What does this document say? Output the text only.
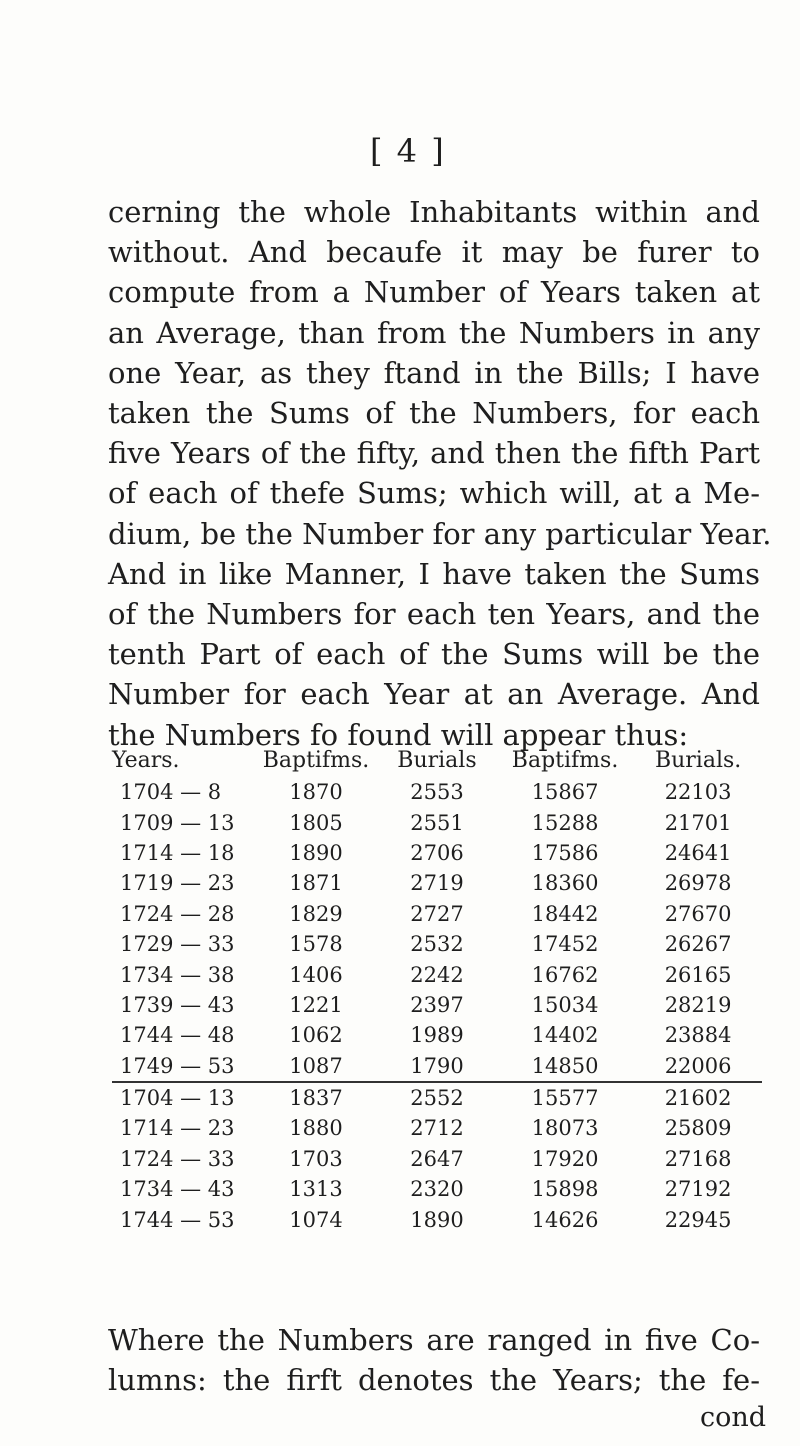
[ 4 ]
cerning the whole Inhabitants within and
without. And becaufe it may be furer to
compute from a Number of Years taken at
an Average, than from the Numbers in any
one Year, as they ftand in the Bills; I have
taken the Sums of the Numbers, for each
five Years of the fifty, and then the fifth Part
of each of thefe Sums; which will, at a Me-
dium, be the Number for any particular Year.
And in like Manner, I have taken the Sums
of the Numbers for each ten Years, and the
tenth Part of each of the Sums will be the
Number for each Year at an Average. And
the Numbers fo found will appear thus:
Years.	Baptifms.	Burials	Baptifms.	Burials.
1704 — 8	1870	2553	15867	22103
1709 — 13	1805	2551	15288	21701
1714 — 18	1890	2706	17586	24641
1719 — 23	1871	2719	18360	26978
1724 — 28	1829	2727	18442	27670
1729 — 33	1578	2532	17452	26267
1734 — 38	1406	2242	16762	26165
1739 — 43	1221	2397	15034	28219
1744 — 48	1062	1989	14402	23884
1749 — 53	1087	1790	14850	22006
1704 — 13	1837	2552	15577	21602
1714 — 23	1880	2712	18073	25809
1724 — 33	1703	2647	17920	27168
1734 — 43	1313	2320	15898	27192
1744 — 53	1074	1890	14626	22945
Where the Numbers are ranged in five Co-
lumns: the firft denotes the Years; the fe-
cond
